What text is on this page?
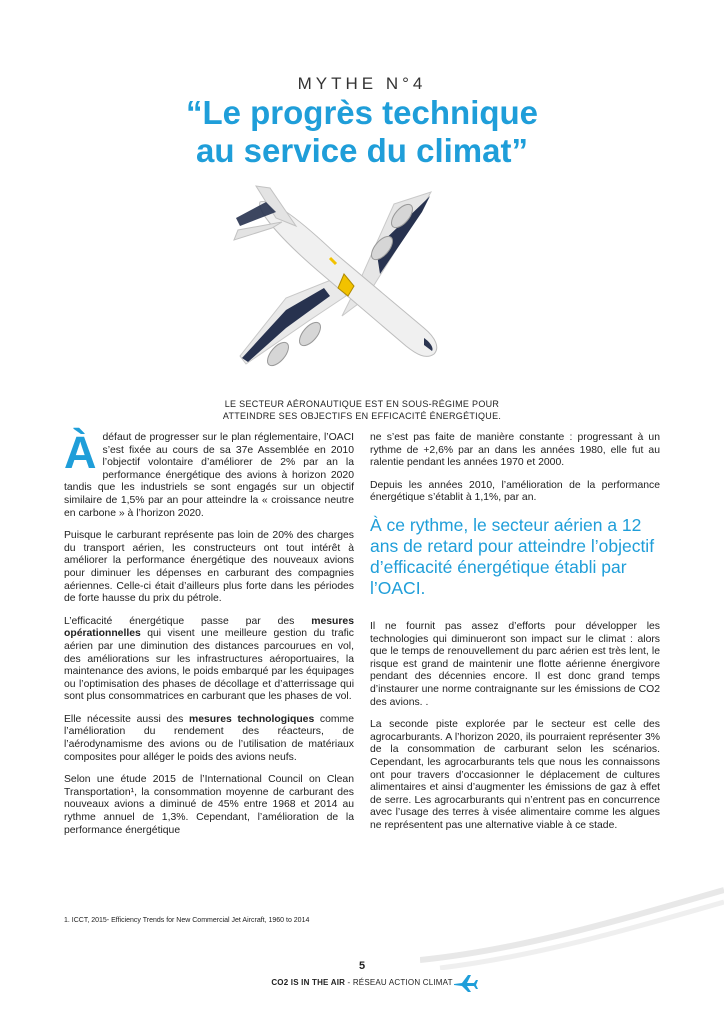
MYTHE N°4
“Le progrès technique
au service du climat”
LE SECTEUR AÉRONAUTIQUE EST EN SOUS-RÉGIME POUR
ATTEINDRE SES OBJECTIFS EN EFFICACITÉ ÉNERGÉTIQUE.

À défaut de progresser sur le plan réglementaire, l’OACI s’est fixée au cours de sa 37e Assemblée en 2010 l’objectif volontaire d’améliorer de 2% par an la performance énergétique des avions à horizon 2020 tandis que les industriels se sont engagés sur un objectif similaire de 1,5% par an pour atteindre la « croissance neutre en carbone » à l’horizon 2020.

Puisque le carburant représente pas loin de 20% des charges du transport aérien, les constructeurs ont tout intérêt à améliorer la performance énergétique des nouveaux avions pour diminuer les dépenses en carburant des compagnies aériennes. Celle-ci était d’ailleurs plus forte dans les périodes de forte hausse du prix du pétrole.

L’efficacité énergétique passe par des mesures opérationnelles qui visent une meilleure gestion du trafic aérien par une diminution des distances parcourues en vol, des améliorations sur les infrastructures aéroportuaires, la maintenance des avions, le poids embarqué par les équipages ou l’optimisation des phases de décollage et d’atterrissage qui sont plus consommatrices en carburant que les phases de vol.

Elle nécessite aussi des mesures technologiques comme l’amélioration du rendement des réacteurs, de l’aérodynamisme des avions ou de l’utilisation de matériaux composites pour alléger le poids des avions neufs.

Selon une étude 2015 de l’International Council on Clean Transportation¹, la consommation moyenne de carburant des nouveaux avions a diminué de 45% entre 1968 et 2014 au rythme annuel de 1,3%. Cependant, l’amélioration de la performance énergétique

ne s’est pas faite de manière constante : progressant à un rythme de +2,6% par an dans les années 1980, elle fut au ralentie pendant les années 1970 et 2000.

Depuis les années 2010, l’amélioration de la performance énergétique s’établit à 1,1%, par an.

À ce rythme, le secteur aérien a 12 ans de retard pour atteindre l’objectif d’efficacité énergétique établi par l’OACI.

Il ne fournit pas assez d’efforts pour développer les technologies qui diminueront son impact sur le climat : alors que le temps de renouvellement du parc aérien est très lent, le risque est grand de maintenir une flotte aérienne énergivore pendant des décennies encore. Il est donc grand temps d’instaurer une norme contraignante sur les émissions de CO2 des avions. .

La seconde piste explorée par le secteur est celle des agrocarburants. A l’horizon 2020, ils pourraient représenter 3% de la consommation de carburant selon les scénarios. Cependant, les agrocarburants tels que nous les connaissons ont pour travers d’occasionner le déplacement de cultures alimentaires et ainsi d’augmenter les émissions de gaz à effet de serre. Les agrocarburants qui n’entrent pas en concurrence avec l’usage des terres à visée alimentaire comme les algues ne représentent pas une alternative viable à ce stade.

1. ICCT, 2015- Efficiency Trends for New Commercial Jet Aircraft, 1960 to 2014
5
CO2 IS IN THE AIR - RÉSEAU ACTION CLIMAT
